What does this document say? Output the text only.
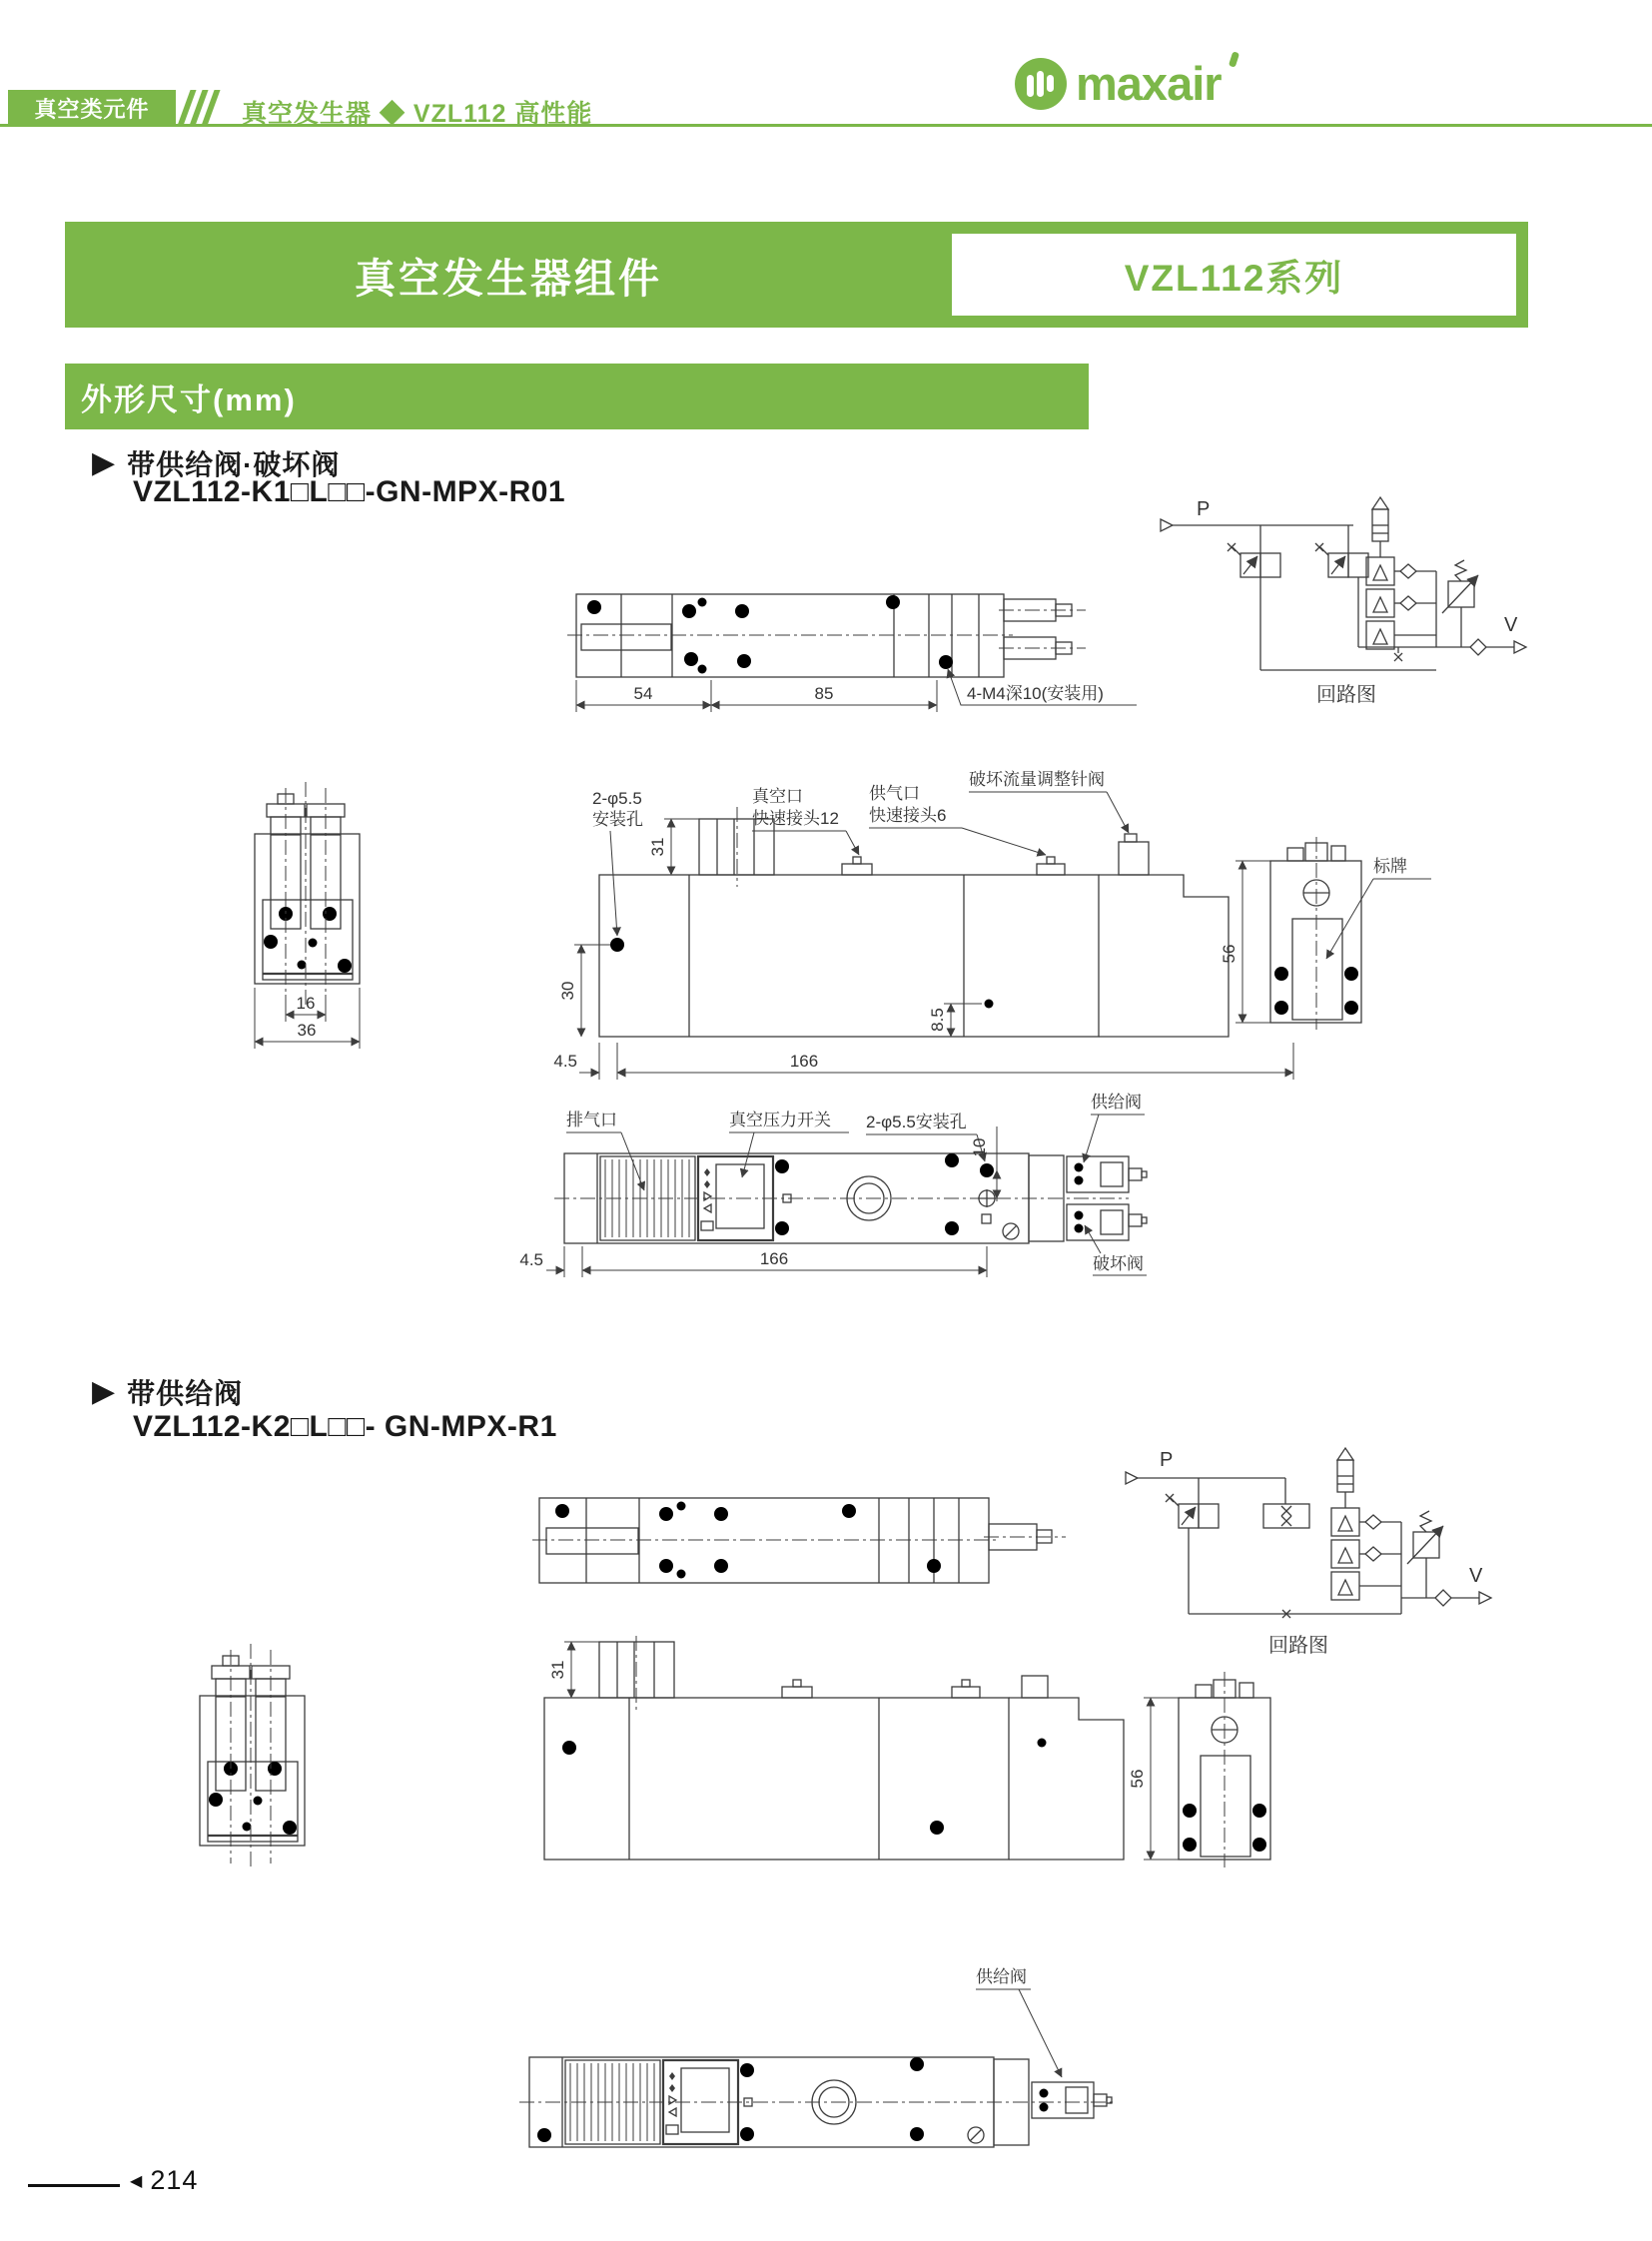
真空类元件	真空发生器 ◆ VZL112 高性能
maxair
真空发生器组件	VZL112系列
外形尺寸(mm)
▶ 带供给阀·破坏阀
VZL112-K1□L□□-GN-MPX-R01
54	85	4-M4深10(安装用)
P
V
回路图
16
36
31
30
8.5
4.5	166
2-φ5.5
安装孔
真空口
快速接头12
供气口
快速接头6
破坏流量调整针阀
56
标牌
排气口	真空压力开关 2-φ5.5安装孔
10
供给阀
破坏阀
4.5	166
▶ 带供给阀
VZL112-K2□L□□- GN-MPX-R1
P
V
回路图
31
56
供给阀
◀ 214
